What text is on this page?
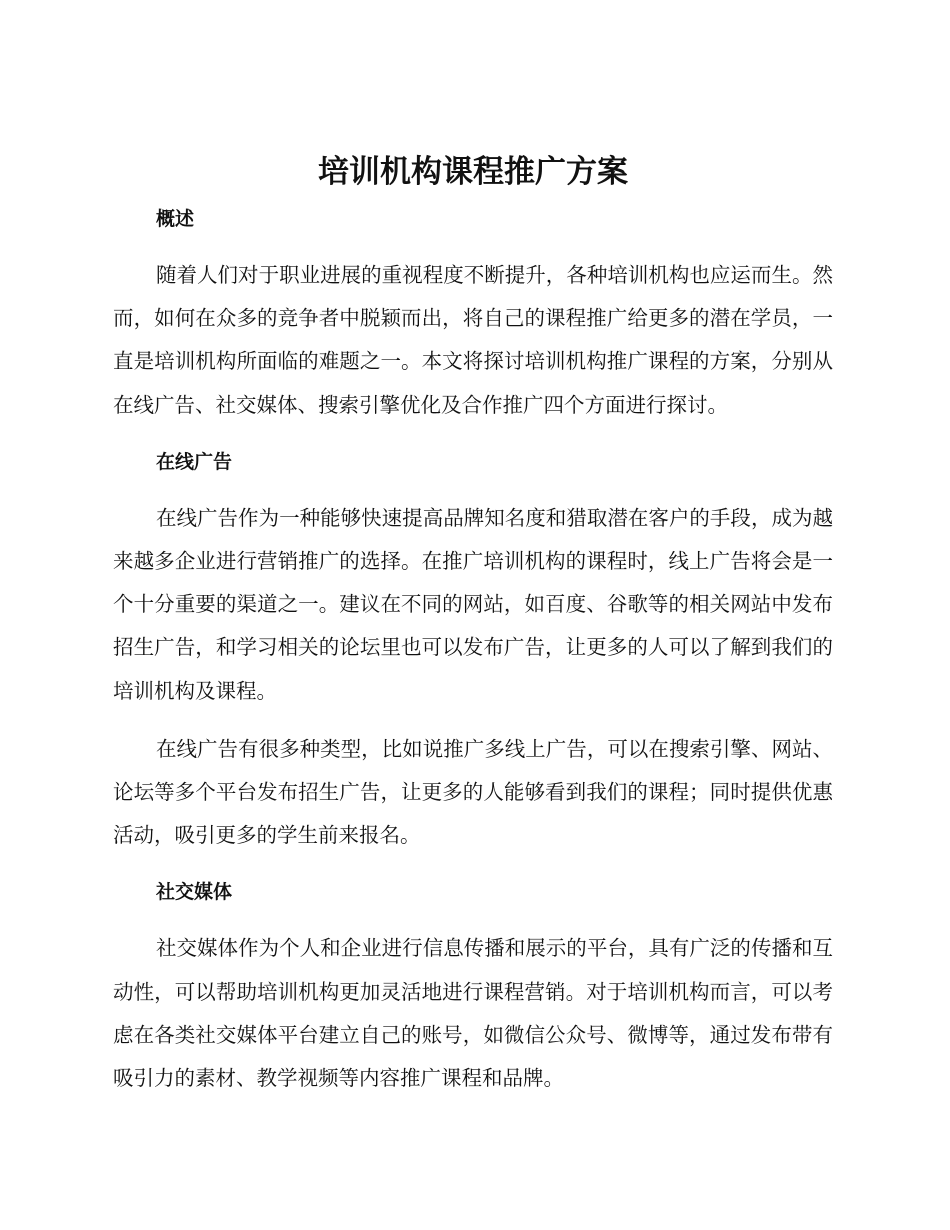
培训机构课程推广方案
概述

随着人们对于职业进展的重视程度不断提升，各种培训机构也应运而生。然而，如何在众多的竞争者中脱颖而出，将自己的课程推广给更多的潜在学员，一直是培训机构所面临的难题之一。本文将探讨培训机构推广课程的方案，分别从在线广告、社交媒体、搜索引擎优化及合作推广四个方面进行探讨。

在线广告

在线广告作为一种能够快速提高品牌知名度和猎取潜在客户的手段，成为越来越多企业进行营销推广的选择。在推广培训机构的课程时，线上广告将会是一个十分重要的渠道之一。建议在不同的网站，如百度、谷歌等的相关网站中发布招生广告，和学习相关的论坛里也可以发布广告，让更多的人可以了解到我们的培训机构及课程。

在线广告有很多种类型，比如说推广多线上广告，可以在搜索引擎、网站、论坛等多个平台发布招生广告，让更多的人能够看到我们的课程；同时提供优惠活动，吸引更多的学生前来报名。

社交媒体

社交媒体作为个人和企业进行信息传播和展示的平台，具有广泛的传播和互动性，可以帮助培训机构更加灵活地进行课程营销。对于培训机构而言，可以考虑在各类社交媒体平台建立自己的账号，如微信公众号、微博等，通过发布带有吸引力的素材、教学视频等内容推广课程和品牌。
